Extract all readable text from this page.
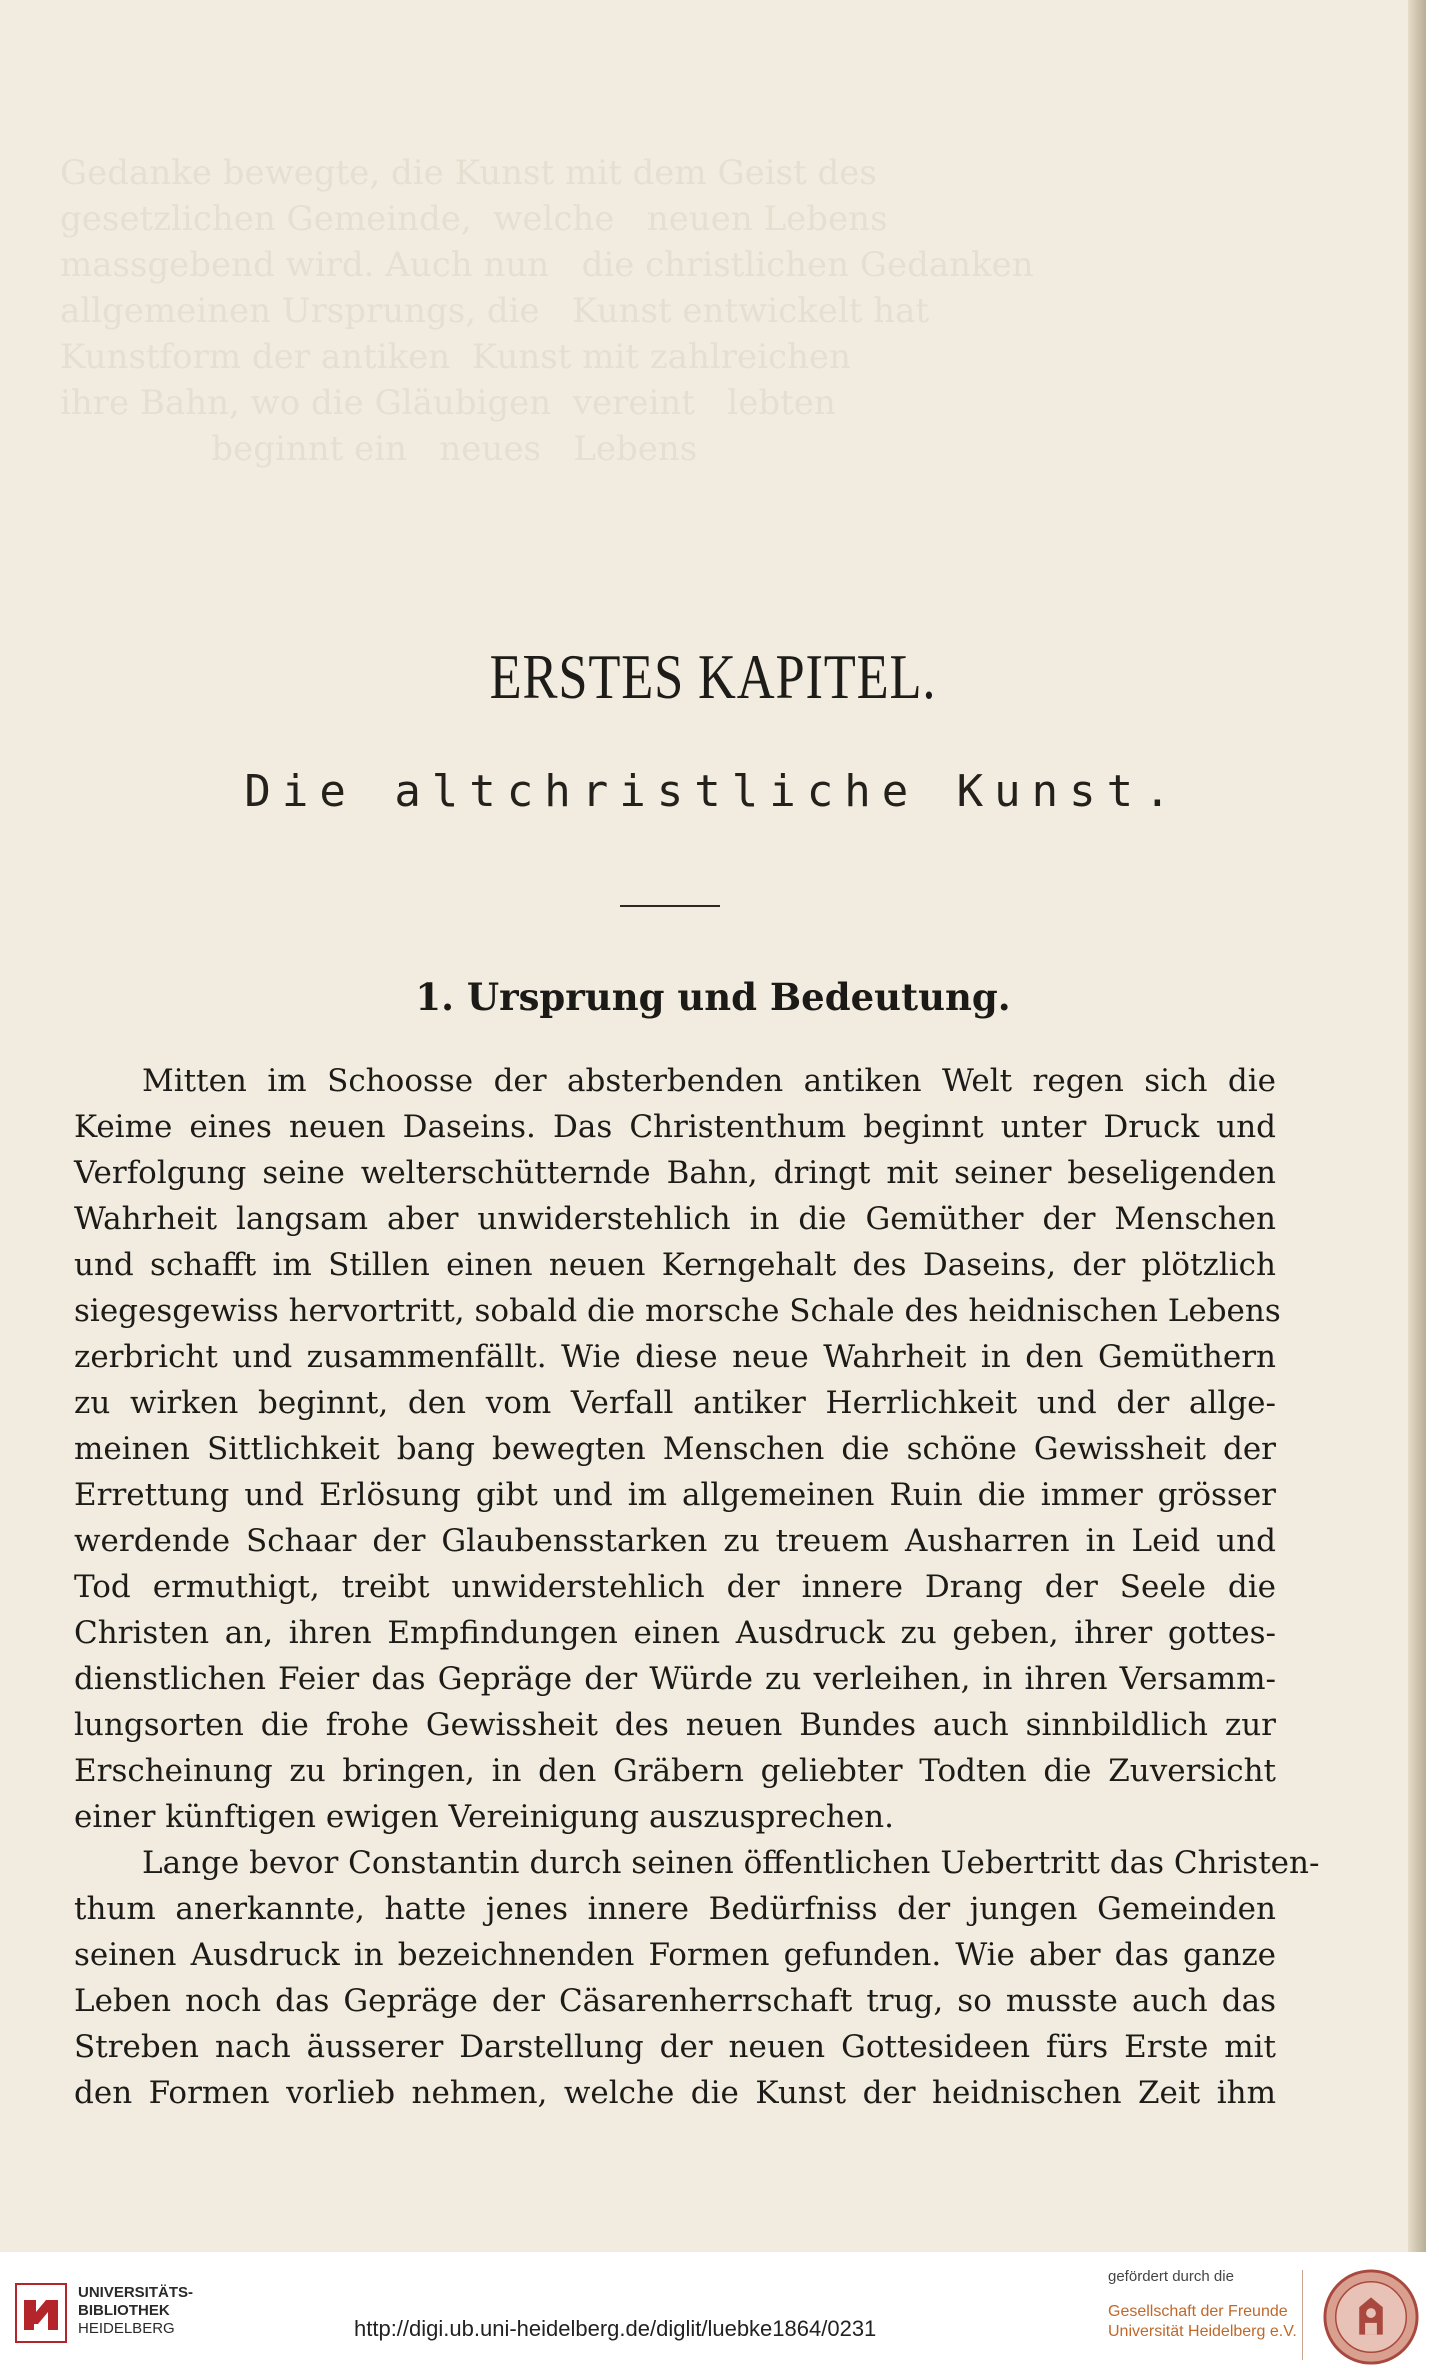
Gedanke bewegte, die Kunst mit dem Geist des
gesetzlichen Gemeinde,  welche   neuen Lebens
massgebend wird. Auch nun   die christlichen Gedanken
allgemeinen Ursprungs, die   Kunst entwickelt hat
Kunstform der antiken  Kunst mit zahlreichen
ihre Bahn, wo die Gläubigen  vereint   lebten
beginnt ein   neues   Lebens
ERSTES KAPITEL.
Die altchristliche Kunst.
1. Ursprung und Bedeutung.
Mitten im Schoosse der absterbenden antiken Welt regen sich die
Keime eines neuen Daseins. Das Christenthum beginnt unter Druck und
Verfolgung seine welterschütternde Bahn, dringt mit seiner beseligenden
Wahrheit langsam aber unwiderstehlich in die Gemüther der Menschen
und schafft im Stillen einen neuen Kerngehalt des Daseins, der plötzlich
siegesgewiss hervortritt, sobald die morsche Schale des heidnischen Lebens
zerbricht und zusammenfällt. Wie diese neue Wahrheit in den Gemüthern
zu wirken beginnt, den vom Verfall antiker Herrlichkeit und der allge-
meinen Sittlichkeit bang bewegten Menschen die schöne Gewissheit der
Errettung und Erlösung gibt und im allgemeinen Ruin die immer grösser
werdende Schaar der Glaubensstarken zu treuem Ausharren in Leid und
Tod ermuthigt, treibt unwiderstehlich der innere Drang der Seele die
Christen an, ihren Empfindungen einen Ausdruck zu geben, ihrer gottes-
dienstlichen Feier das Gepräge der Würde zu verleihen, in ihren Versamm-
lungsorten die frohe Gewissheit des neuen Bundes auch sinnbildlich zur
Erscheinung zu bringen, in den Gräbern geliebter Todten die Zuversicht
einer künftigen ewigen Vereinigung auszusprechen.
Lange bevor Constantin durch seinen öffentlichen Uebertritt das Christen-
thum anerkannte, hatte jenes innere Bedürfniss der jungen Gemeinden
seinen Ausdruck in bezeichnenden Formen gefunden. Wie aber das ganze
Leben noch das Gepräge der Cäsarenherrschaft trug, so musste auch das
Streben nach äusserer Darstellung der neuen Gottesideen fürs Erste mit
den Formen vorlieb nehmen, welche die Kunst der heidnischen Zeit ihm
UNIVERSITÄTS-
BIBLIOTHEK
HEIDELBERG	http://digi.ub.uni-heidelberg.de/diglit/luebke1864/0231
gefördert durch die
Gesellschaft der Freunde
Universität Heidelberg e.V.
